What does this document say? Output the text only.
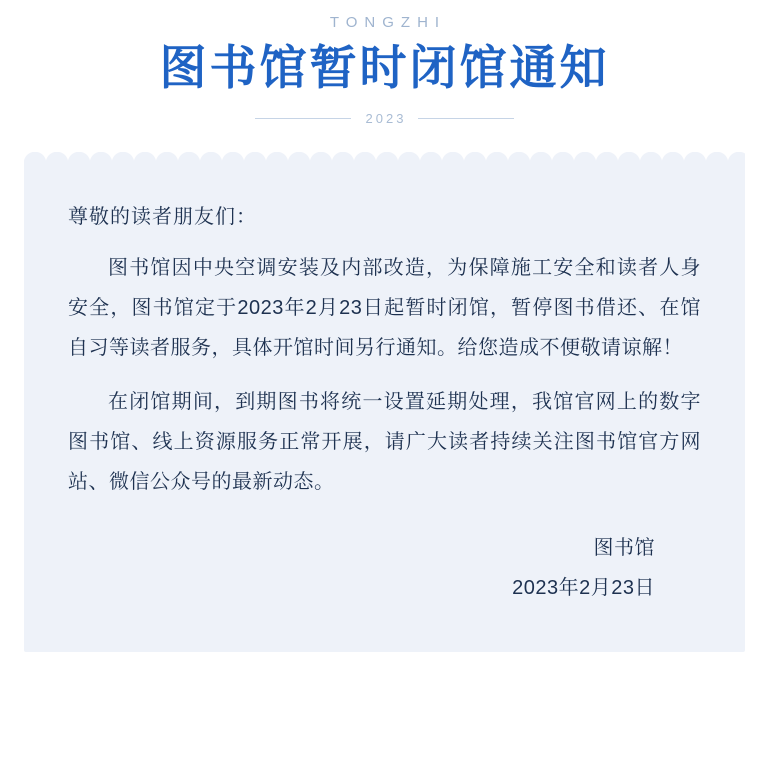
TONGZHI
图书馆暂时闭馆通知
2023
尊敬的读者朋友们：
图书馆因中央空调安装及内部改造，为保障施工安全和读者人身安全，图书馆定于2023年2月23日起暂时闭馆，暂停图书借还、在馆自习等读者服务，具体开馆时间另行通知。给您造成不便敬请谅解！
在闭馆期间，到期图书将统一设置延期处理，我馆官网上的数字图书馆、线上资源服务正常开展，请广大读者持续关注图书馆官方网站、微信公众号的最新动态。
图书馆
2023年2月23日
